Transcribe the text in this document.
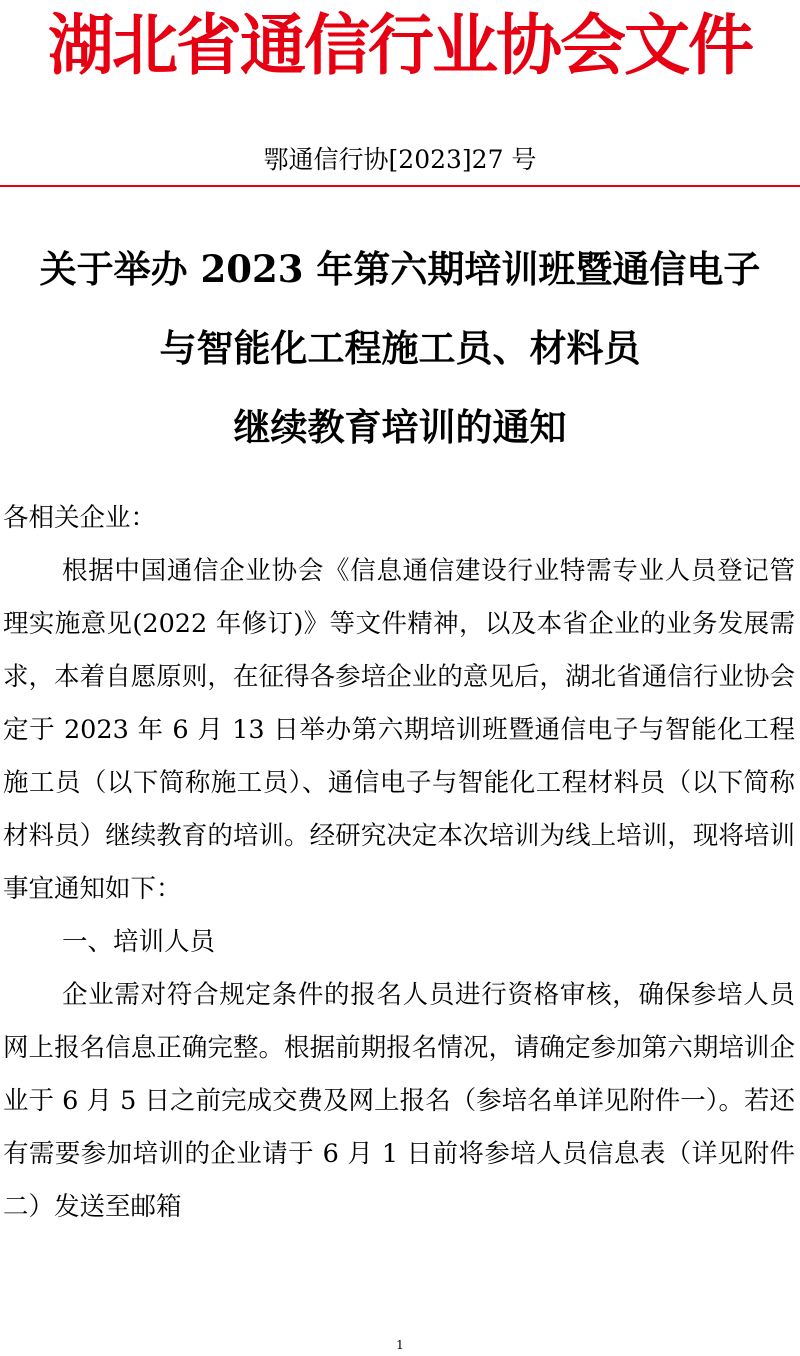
湖北省通信行业协会文件
鄂通信行协[2023]27 号
关于举办 2023 年第六期培训班暨通信电子
与智能化工程施工员、材料员
继续教育培训的通知

各相关企业：

根据中国通信企业协会《信息通信建设行业特需专业人员登记管理实施意见(2022 年修订)》等文件精神，以及本省企业的业务发展需求，本着自愿原则，在征得各参培企业的意见后，湖北省通信行业协会定于 2023 年 6 月 13 日举办第六期培训班暨通信电子与智能化工程施工员（以下简称施工员）、通信电子与智能化工程材料员（以下简称材料员）继续教育的培训。经研究决定本次培训为线上培训，现将培训事宜通知如下：

一、培训人员

企业需对符合规定条件的报名人员进行资格审核，确保参培人员网上报名信息正确完整。根据前期报名情况，请确定参加第六期培训企业于 6 月 5 日之前完成交费及网上报名（参培名单详见附件一）。若还有需要参加培训的企业请于 6 月 1 日前将参培人员信息表（详见附件二）发送至邮箱

1
